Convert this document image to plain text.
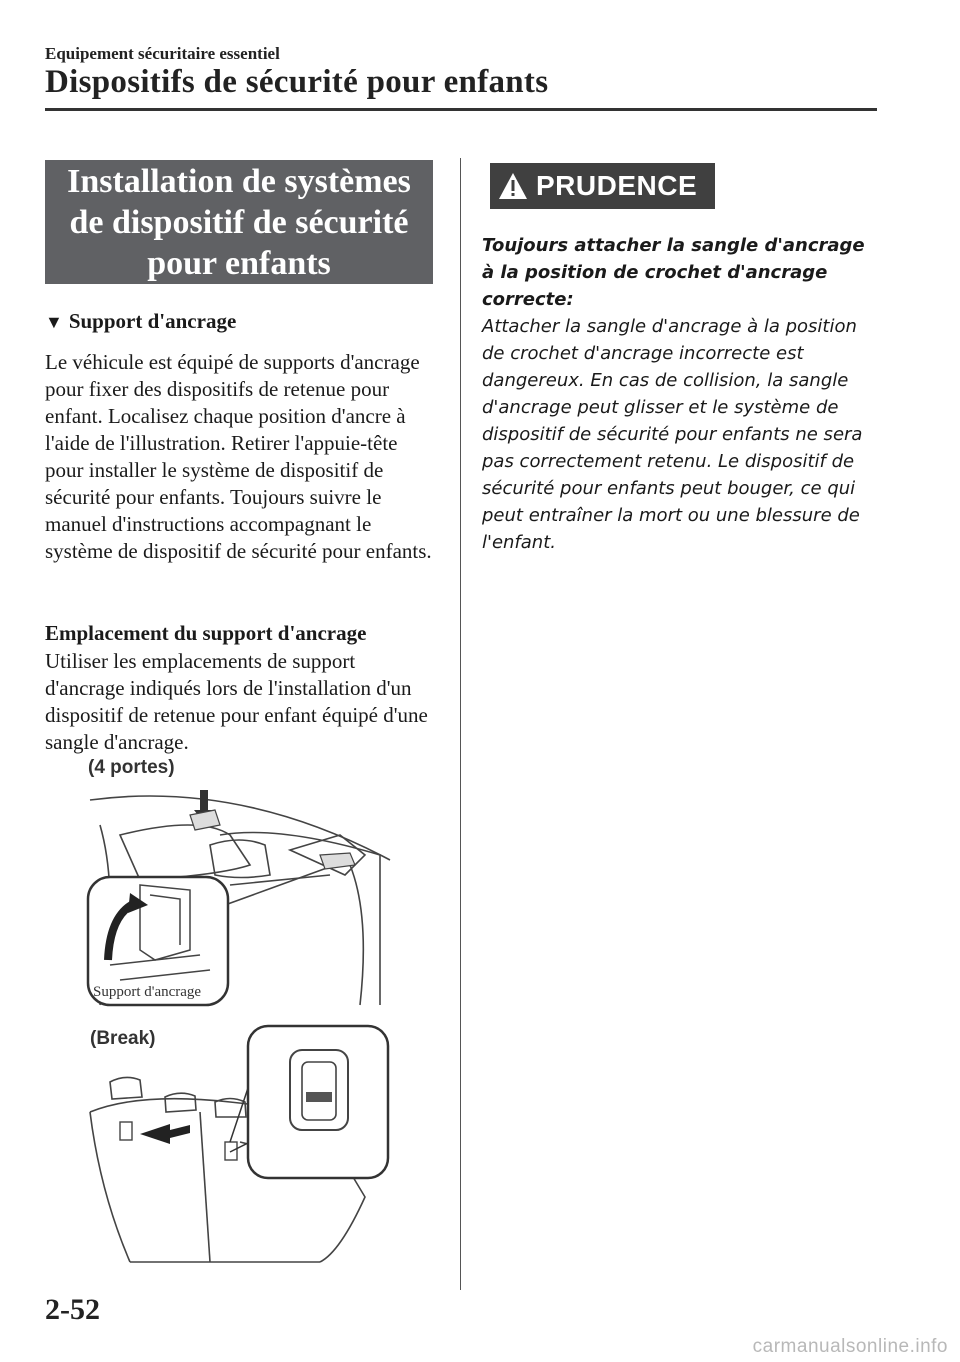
Equipement sécuritaire essentiel
Dispositifs de sécurité pour enfants
Installation de systèmes de dispositif de sécurité pour enfants
▼ Support d'ancrage
Le véhicule est équipé de supports d'ancrage pour fixer des dispositifs de retenue pour enfant. Localisez chaque position d'ancre à l'aide de l'illustration. Retirer l'appuie-tête pour installer le système de dispositif de sécurité pour enfants. Toujours suivre le manuel d'instructions accompagnant le système de dispositif de sécurité pour enfants.
Emplacement du support d'ancrage
Utiliser les emplacements de support d'ancrage indiqués lors de l'installation d'un dispositif de retenue pour enfant équipé d'une sangle d'ancrage.
(4 portes)
Support d'ancrage
(Break)
PRUDENCE
Toujours attacher la sangle d'ancrage à la position de crochet d'ancrage correcte:
Attacher la sangle d'ancrage à la position de crochet d'ancrage incorrecte est dangereux. En cas de collision, la sangle d'ancrage peut glisser et le système de dispositif de sécurité pour enfants ne sera pas correctement retenu. Le dispositif de sécurité pour enfants peut bouger, ce qui peut entraîner la mort ou une blessure de l'enfant.
2-52
carmanualsonline.info
